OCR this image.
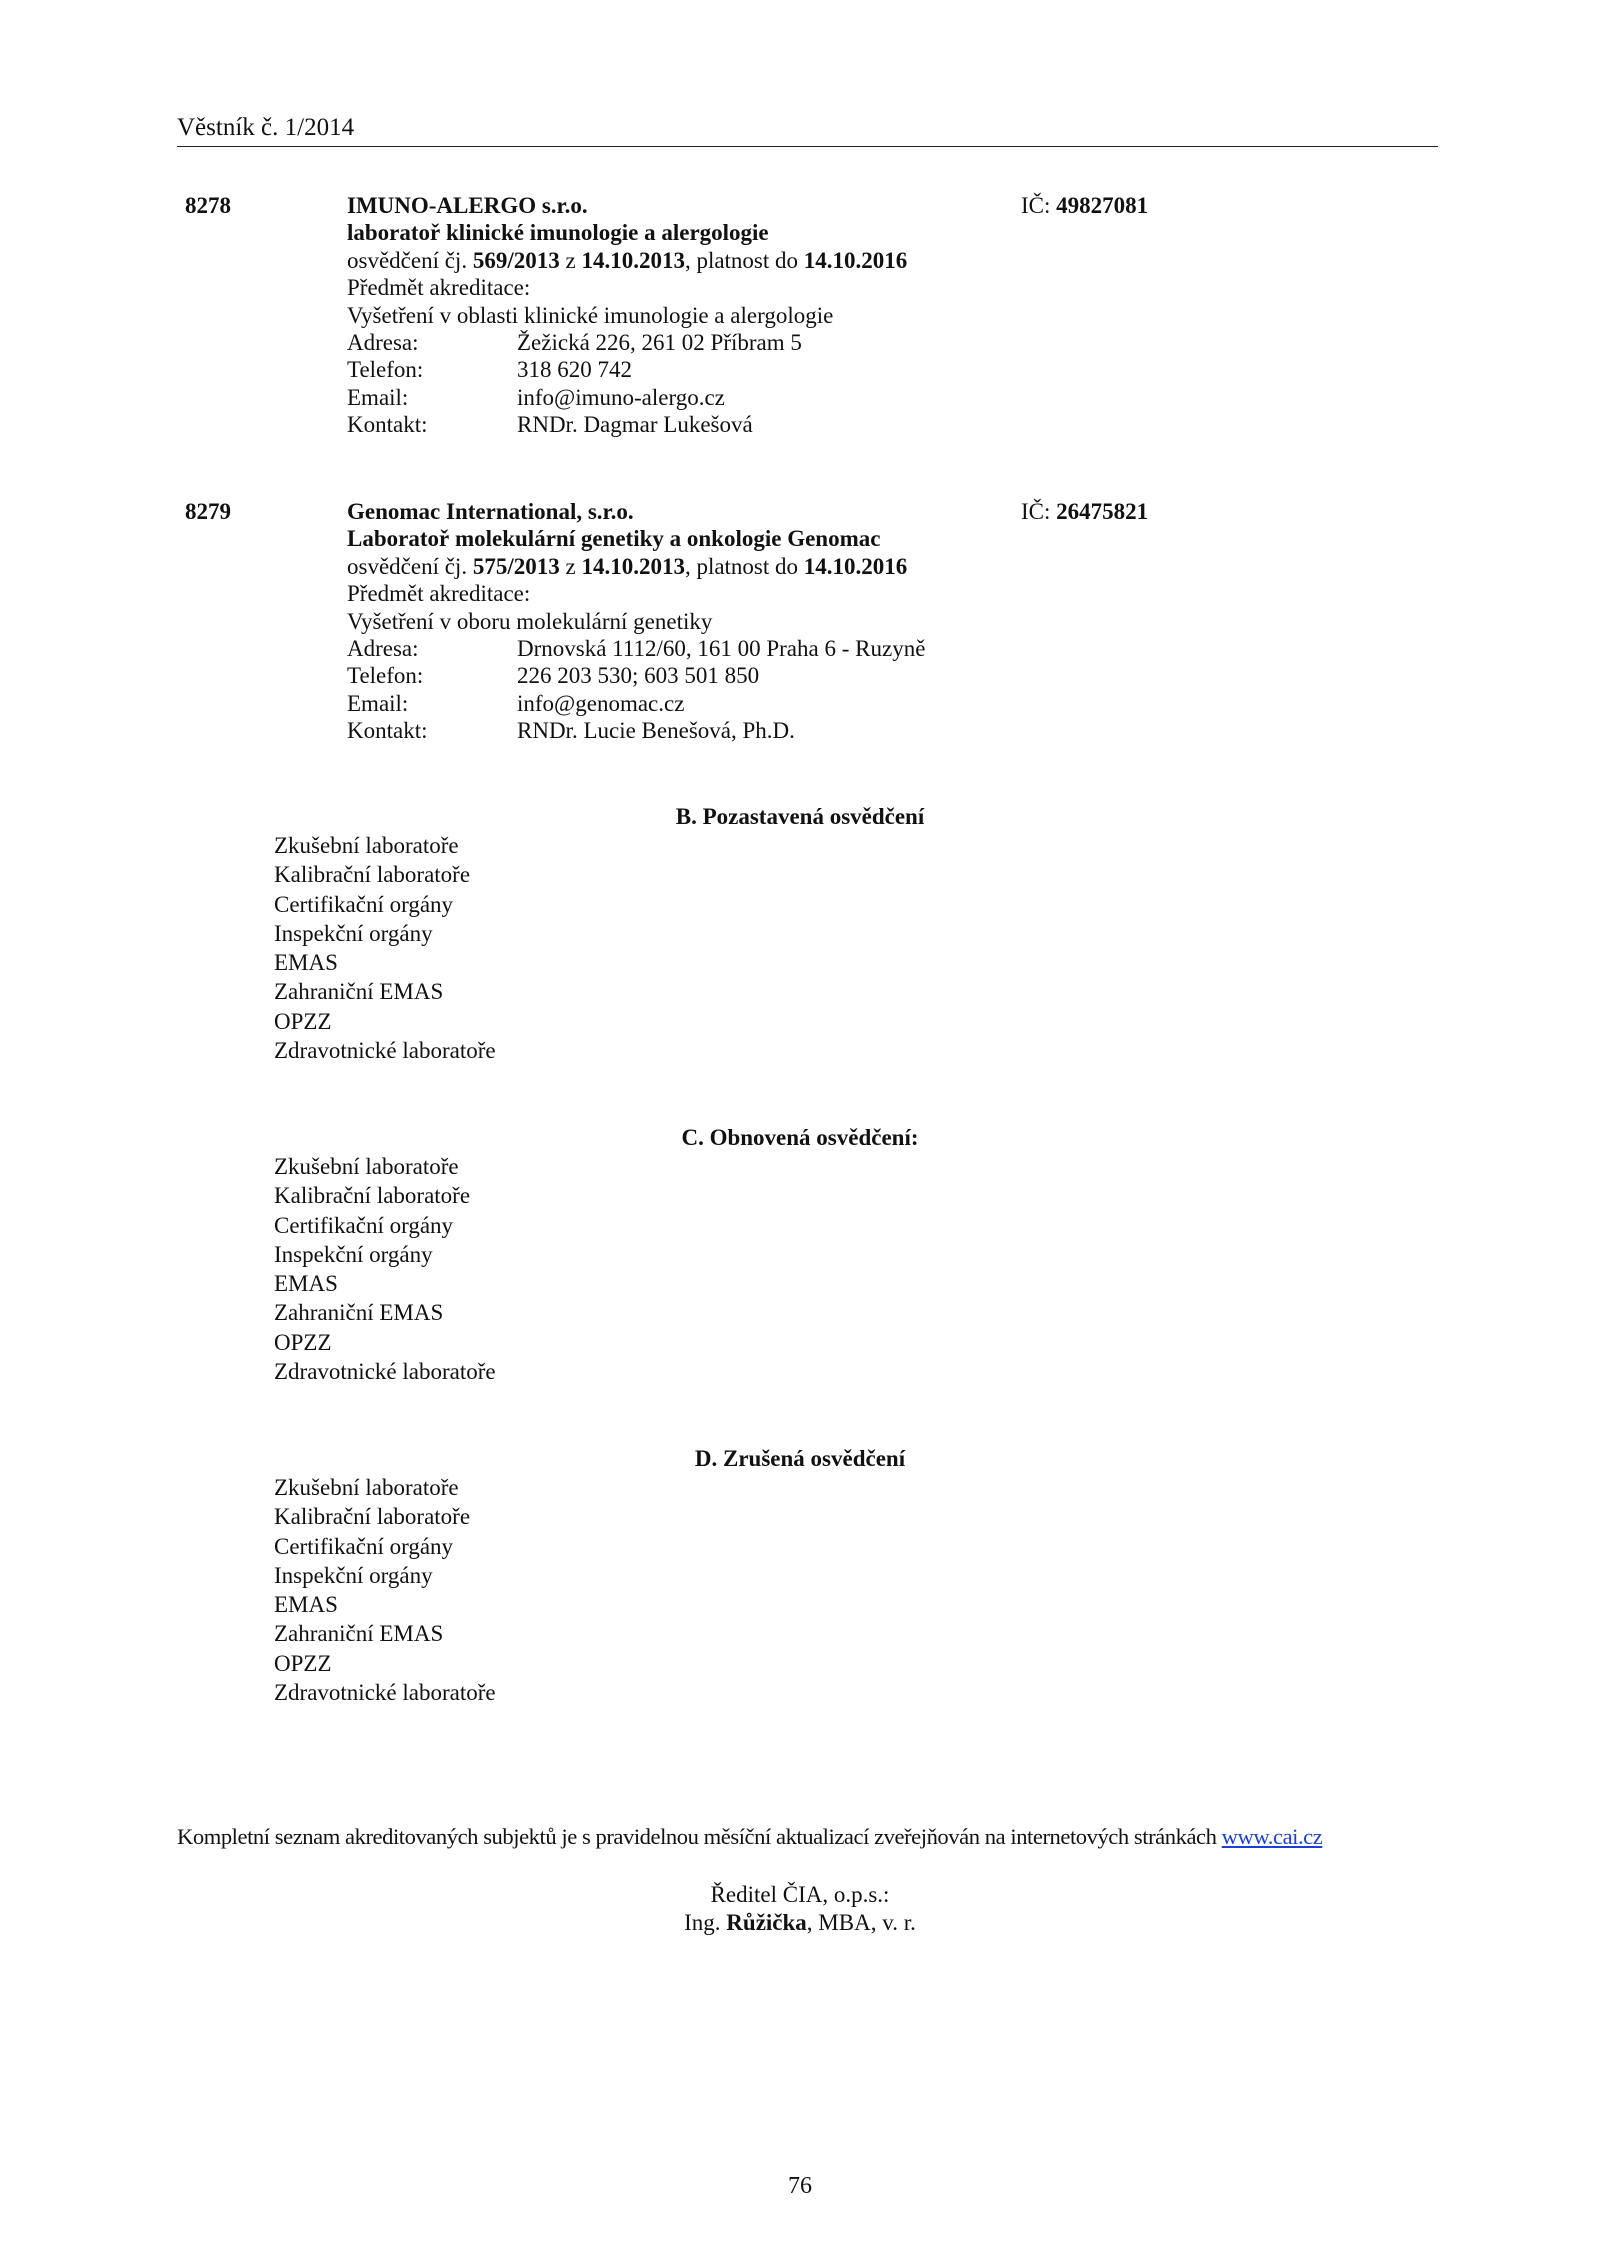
Věstník č. 1/2014
8278	IČ: 49827081
IMUNO-ALERGO s.r.o.
laboratoř klinické imunologie a alergologie
osvědčení čj. 569/2013 z 14.10.2013, platnost do 14.10.2016
Předmět akreditace:
Vyšetření v oblasti klinické imunologie a alergologie
Adresa:	Žežická 226, 261 02 Příbram 5
Telefon:	318 620 742
Email:	info@imuno-alergo.cz
Kontakt:	RNDr. Dagmar Lukešová
8279	IČ: 26475821
Genomac International, s.r.o.
Laboratoř molekulární genetiky a onkologie Genomac
osvědčení čj. 575/2013 z 14.10.2013, platnost do 14.10.2016
Předmět akreditace:
Vyšetření v oboru molekulární genetiky
Adresa:	Drnovská 1112/60, 161 00 Praha 6 - Ruzyně
Telefon:	226 203 530; 603 501 850
Email:	info@genomac.cz
Kontakt:	RNDr. Lucie Benešová, Ph.D.
B. Pozastavená osvědčení
Zkušební laboratoře
Kalibrační laboratoře
Certifikační orgány
Inspekční orgány
EMAS
Zahraniční EMAS
OPZZ
Zdravotnické laboratoře
C. Obnovená osvědčení:
Zkušební laboratoře
Kalibrační laboratoře
Certifikační orgány
Inspekční orgány
EMAS
Zahraniční EMAS
OPZZ
Zdravotnické laboratoře
D. Zrušená osvědčení
Zkušební laboratoře
Kalibrační laboratoře
Certifikační orgány
Inspekční orgány
EMAS
Zahraniční EMAS
OPZZ
Zdravotnické laboratoře
Kompletní seznam akreditovaných subjektů je s pravidelnou měsíční aktualizací zveřejňován na internetových stránkách www.cai.cz
Ředitel ČIA, o.p.s.:
Ing. Růžička, MBA, v. r.
76
